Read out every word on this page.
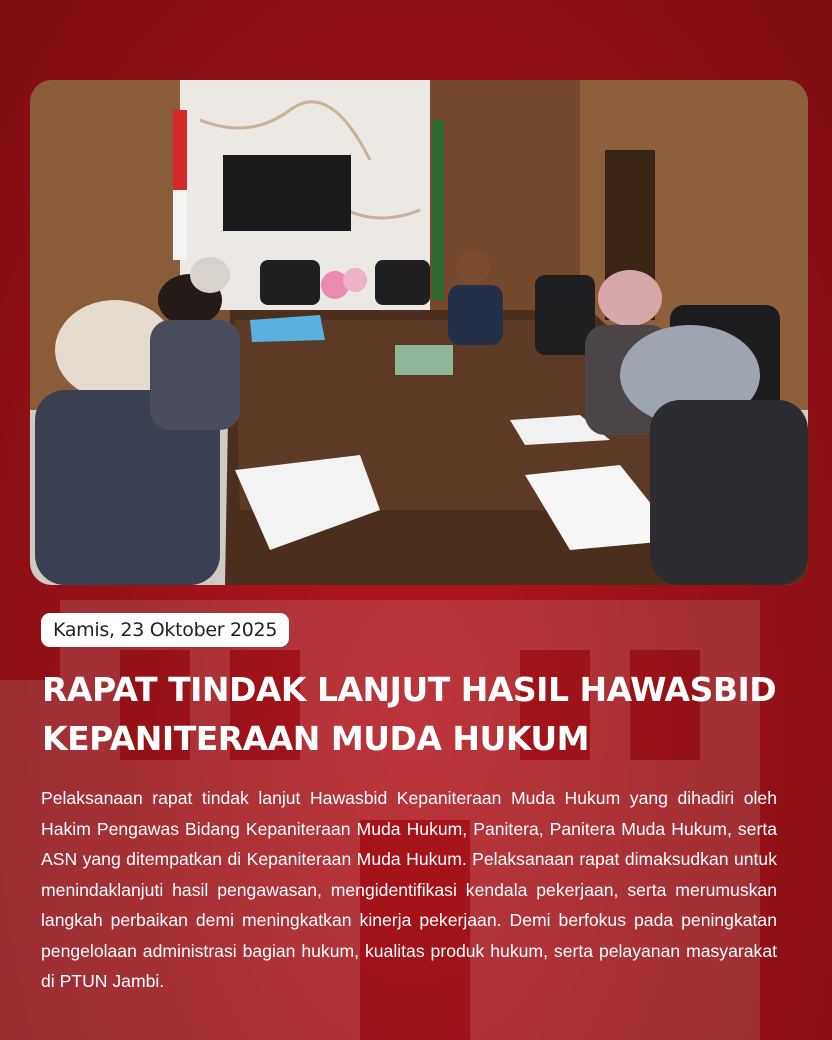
Kamis, 23 Oktober 2025
RAPAT TINDAK LANJUT HASIL HAWASBID
KEPANITERAAN MUDA HUKUM
Pelaksanaan rapat tindak lanjut Hawasbid Kepaniteraan Muda Hukum yang dihadiri oleh Hakim Pengawas Bidang Kepaniteraan Muda Hukum, Panitera, Panitera Muda Hukum, serta ASN yang ditempatkan di Kepaniteraan Muda Hukum. Pelaksanaan rapat dimaksudkan untuk menindaklanjuti hasil pengawasan, mengidentifikasi kendala pekerjaan, serta merumuskan langkah perbaikan demi meningkatkan kinerja pekerjaan. Demi berfokus pada peningkatan pengelolaan administrasi bagian hukum, kualitas produk hukum, serta pelayanan masyarakat di PTUN Jambi.
